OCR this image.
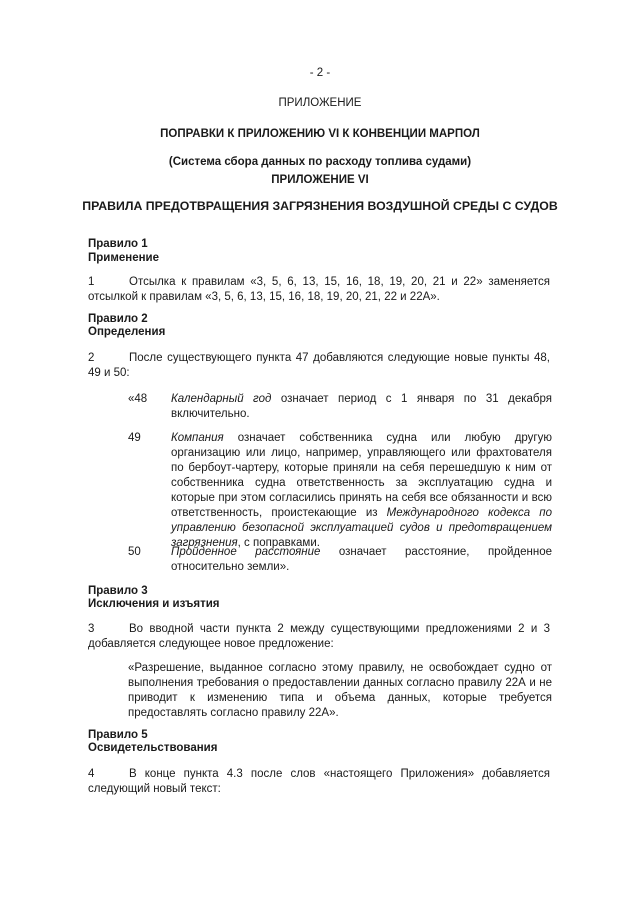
- 2 -
ПРИЛОЖЕНИЕ
ПОПРАВКИ К ПРИЛОЖЕНИЮ VI К КОНВЕНЦИИ МАРПОЛ
(Система сбора данных по расходу топлива судами)
ПРИЛОЖЕНИЕ VI
ПРАВИЛА ПРЕДОТВРАЩЕНИЯ ЗАГРЯЗНЕНИЯ ВОЗДУШНОЙ СРЕДЫ С СУДОВ
Правило 1
Применение
1	Отсылка к правилам «3, 5, 6, 13, 15, 16, 18, 19, 20, 21 и 22» заменяется отсылкой к правилам «3, 5, 6, 13, 15, 16, 18, 19, 20, 21, 22 и 22А».
Правило 2
Определения
2	После существующего пункта 47 добавляются следующие новые пункты 48, 49 и 50:
«48 Календарный год означает период с 1 января по 31 декабря включительно.
49	Компания означает собственника судна или любую другую организацию или лицо, например, управляющего или фрахтователя по бербоут-чартеру, которые приняли на себя перешедшую к ним от собственника судна ответственность за эксплуатацию судна и которые при этом согласились принять на себя все обязанности и всю ответственность, проистекающие из Международного кодекса по управлению безопасной эксплуатацией судов и предотвращением загрязнения, с поправками.
50	Пройденное расстояние означает расстояние, пройденное относительно земли».
Правило 3
Исключения и изъятия
3	Во вводной части пункта 2 между существующими предложениями 2 и 3 добавляется следующее новое предложение:
«Разрешение, выданное согласно этому правилу, не освобождает судно от выполнения требования о предоставлении данных согласно правилу 22А и не приводит к изменению типа и объема данных, которые требуется предоставлять согласно правилу 22А».
Правило 5
Освидетельствования
4	В конце пункта 4.3 после слов «настоящего Приложения» добавляется следующий новый текст:
